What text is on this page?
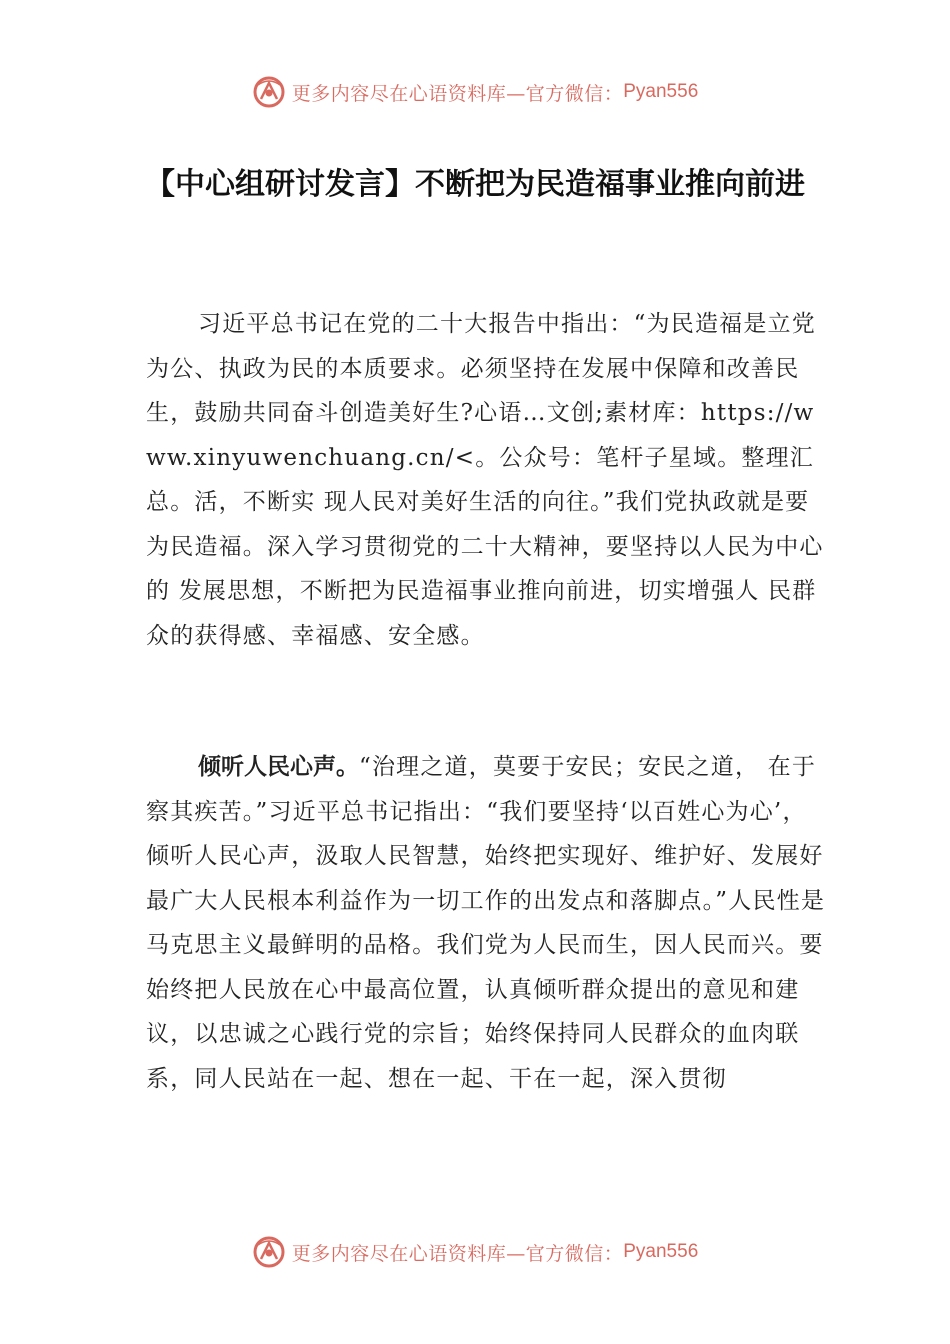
更多内容尽在心语资料库—官方微信： Pyan556
【中心组研讨发言】不断把为民造福事业推向前进

习近平总书记在党的二十大报告中指出：“为民造福是立党为公、执政为民的本质要求。必须坚持在发展中保障和改善民生，鼓励共同奋斗创造美好生?心语…文创;素材库：https://www.xinyuwenchuang.cn/<。公众号：笔杆子星域。整理汇总。活，不断实 现人民对美好生活的向往。”我们党执政就是要为民造福。深入学习贯彻党的二十大精神，要坚持以人民为中心的 发展思想，不断把为民造福事业推向前进，切实增强人 民群众的获得感、幸福感、安全感。

倾听人民心声。“治理之道，莫要于安民；安民之道， 在于察其疾苦。”习近平总书记指出：“我们要坚持‘以百姓心为心’，倾听人民心声，汲取人民智慧，始终把实现好、维护好、发展好最广大人民根本利益作为一切工作的出发点和落脚点。”人民性是马克思主义最鲜明的品格。我们党为人民而生，因人民而兴。要始终把人民放在心中最高位置，认真倾听群众提出的意见和建议，以忠诚之心践行党的宗旨；始终保持同人民群众的血肉联系，同人民站在一起、想在一起、干在一起，深入贯彻

更多内容尽在心语资料库—官方微信： Pyan556
